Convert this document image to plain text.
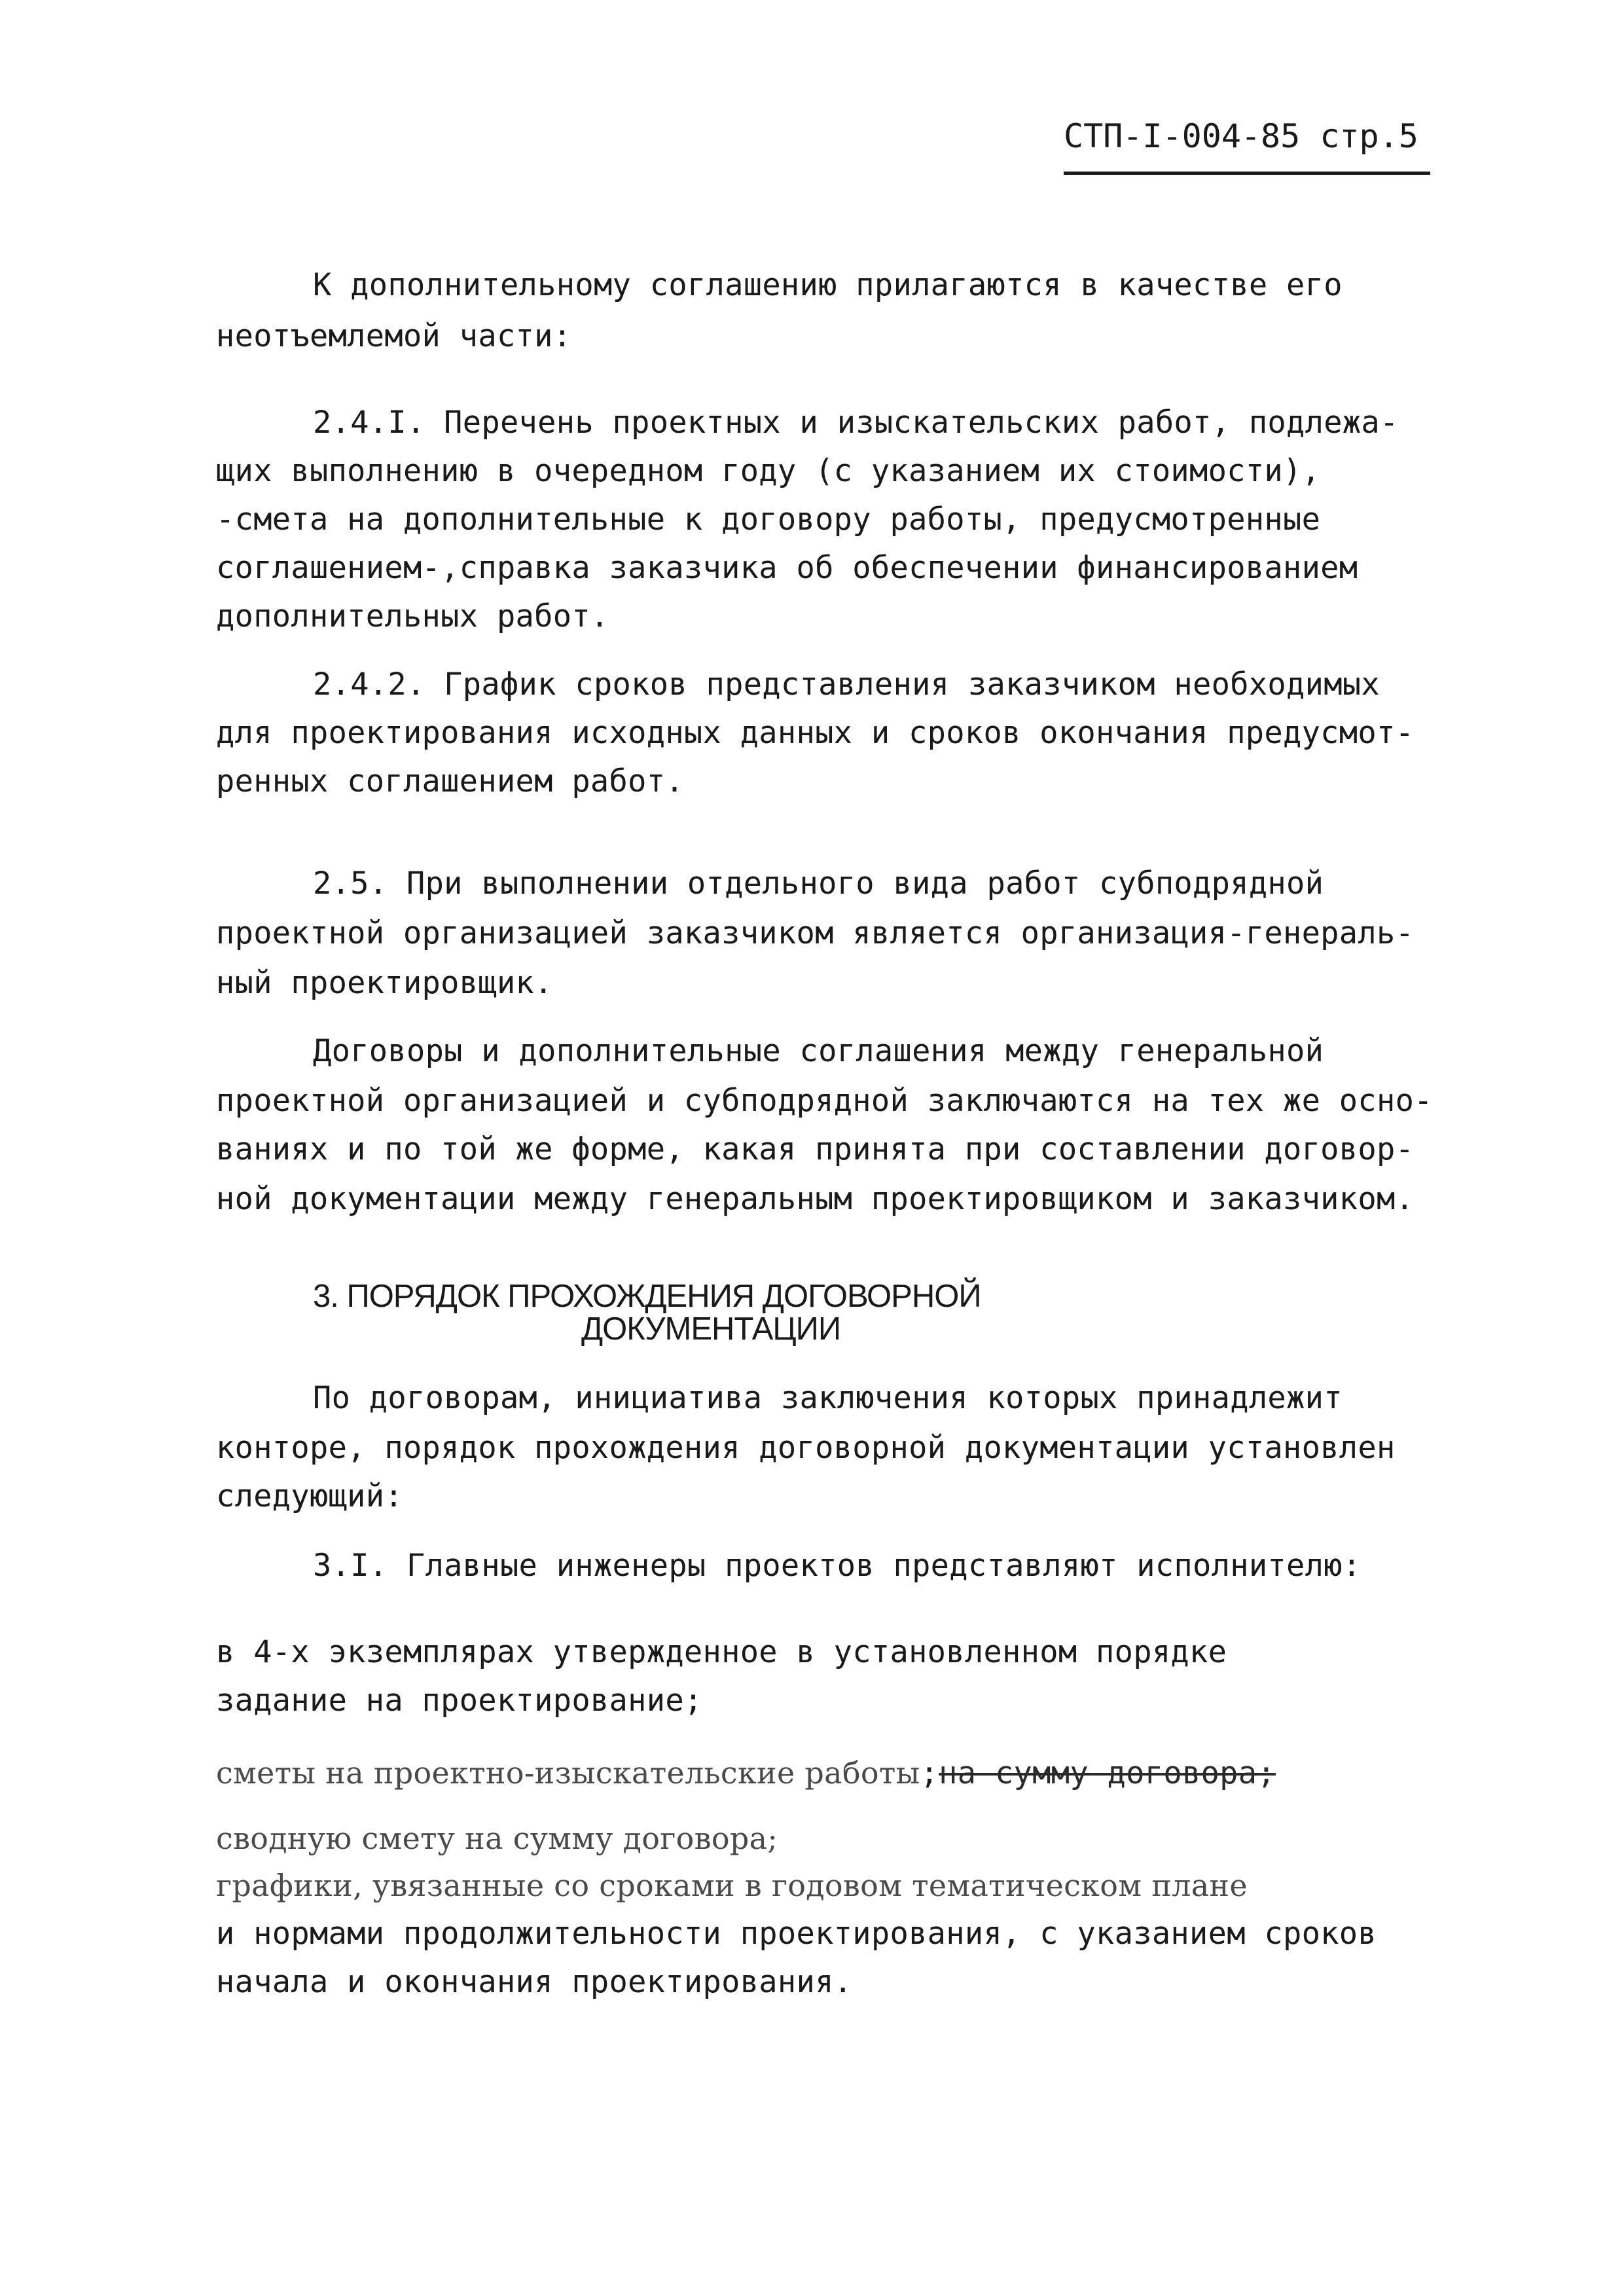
СТП-I-004-85 стр.5
К дополнительному соглашению прилагаются в качестве его
неотъемлемой части:
2.4.I. Перечень проектных и изыскательских работ, подлежа-
щих выполнению в очередном году (с указанием их стоимости),
-смета на дополнительные к договору работы, предусмотренные
соглашением-,справка заказчика об обеспечении финансированием
дополнительных работ.
2.4.2. График сроков представления заказчиком необходимых
для проектирования исходных данных и сроков окончания предусмот-
ренных соглашением работ.
2.5. При выполнении отдельного вида работ субподрядной
проектной организацией заказчиком является организация-генераль-
ный проектировщик.
Договоры и дополнительные соглашения между генеральной
проектной организацией и субподрядной заключаются на тех же осно-
ваниях и по той же форме, какая принята при составлении договор-
ной документации между генеральным проектировщиком и заказчиком.
3. ПОРЯДОК ПРОХОЖДЕНИЯ ДОГОВОРНОЙ
ДОКУМЕНТАЦИИ
По договорам, инициатива заключения которых принадлежит
конторе, порядок прохождения договорной документации установлен
следующий:
3.I. Главные инженеры проектов представляют исполнителю:
в 4-х экземплярах утвержденное в установленном порядке
задание на проектирование;
сметы на проектно-изыскательские работы;на сумму договора;
сводную смету на сумму договора;
графики, увязанные со сроками в годовом тематическом плане
и нормами продолжительности проектирования, с указанием сроков
начала и окончания проектирования.
